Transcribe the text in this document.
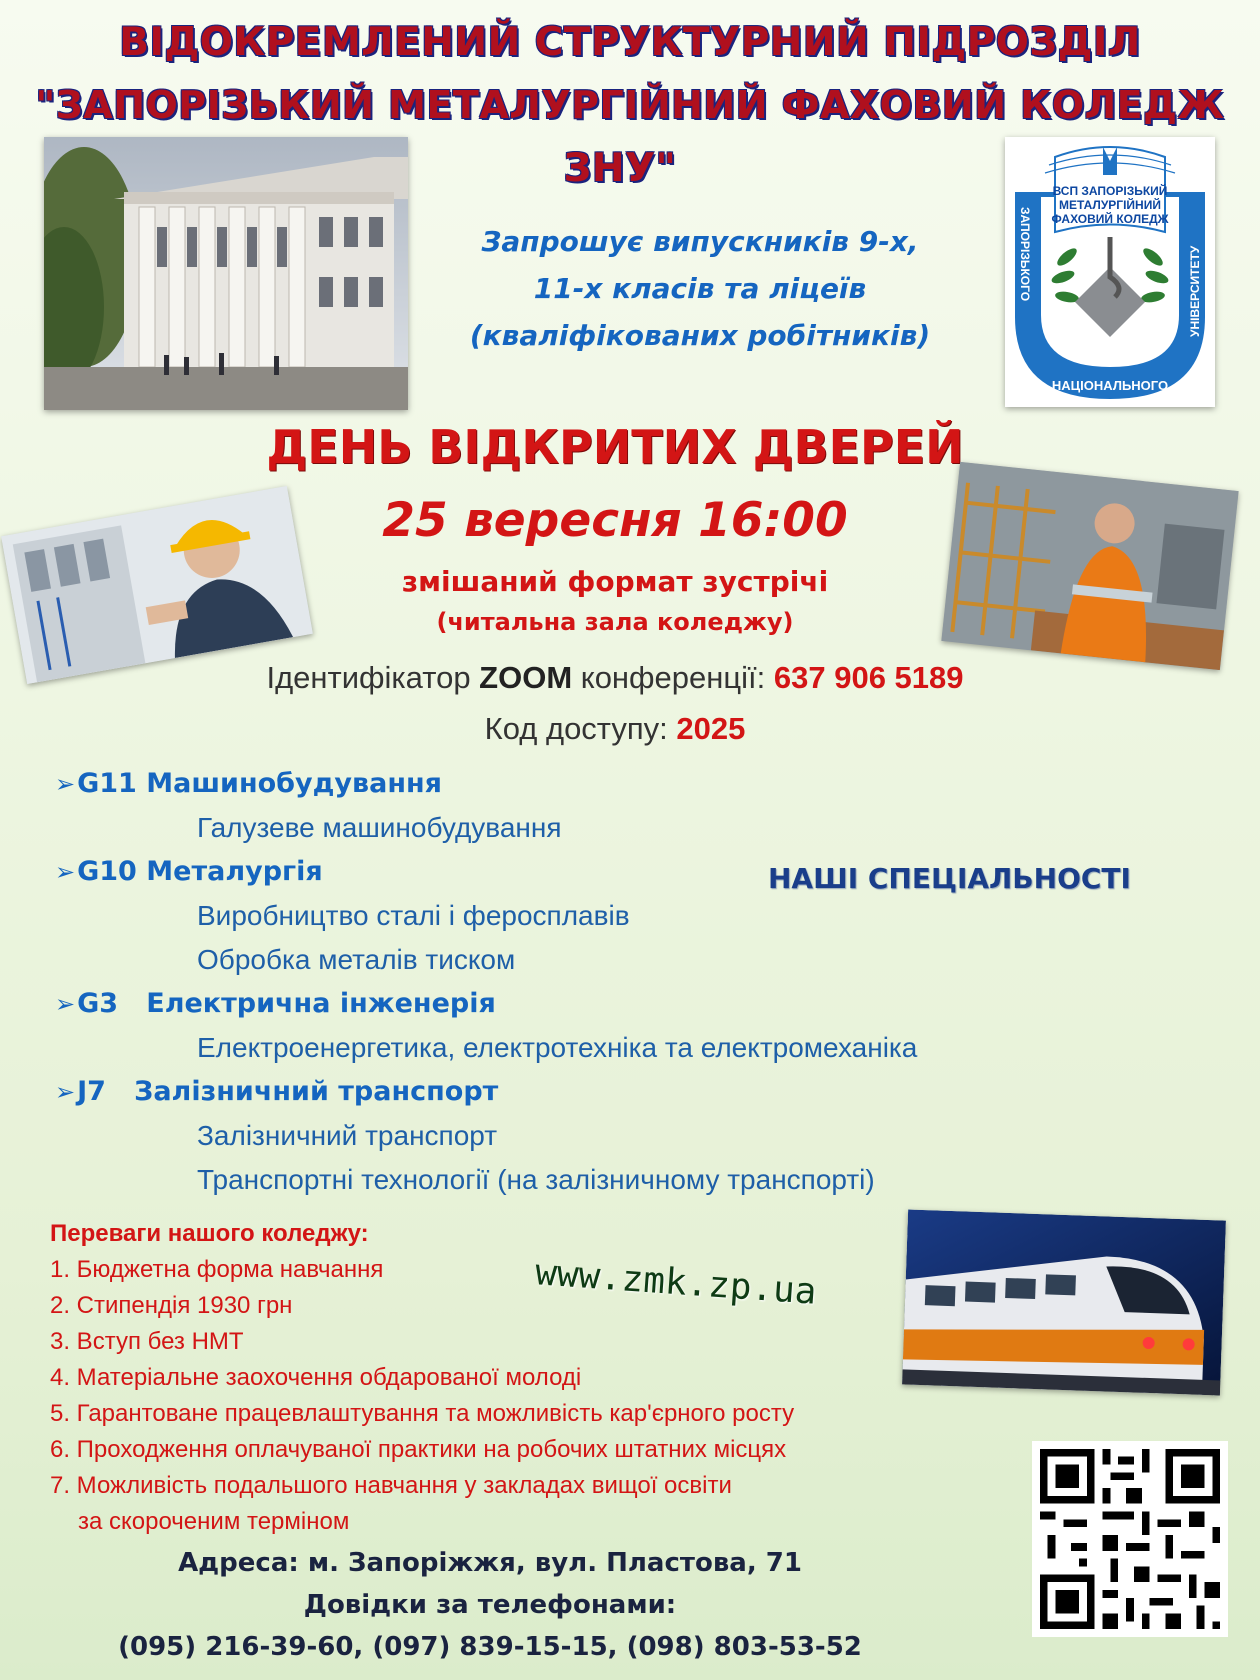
ВІДОКРЕМЛЕНИЙ СТРУКТУРНИЙ ПІДРОЗДІЛ
"ЗАПОРІЗЬКИЙ МЕТАЛУРГІЙНИЙ ФАХОВИЙ КОЛЕДЖ
ЗНУ"
Запрошує випускників 9-х,
11-х класів та ліцеїв
(кваліфікованих робітників)
ВСП ЗАПОРІЗЬКИЙ
МЕТАЛУРГІЙНИЙ
ФАХОВИЙ КОЛЕДЖ
ЗАПОРІЗЬКОГО
НАЦІОНАЛЬНОГО
УНІВЕРСИТЕТУ
ДЕНЬ ВІДКРИТИХ ДВЕРЕЙ
25 вересня 16:00
змішаний формат зустрічі
(читальна зала коледжу)
Ідентифікатор ZOOM конференції: 637 906 5189
Код доступу: 2025
НАШІ СПЕЦІАЛЬНОСТІ
➢G11 Машинобудування
Галузеве машинобудування
➢G10 Металургія
Виробництво сталі і феросплавів
Обробка металів тиском
➢G3 Електрична інженерія
Електроенергетика, електротехніка та електромеханіка
➢J7 Залізничний транспорт
Залізничний транспорт
Транспортні технології (на залізничному транспорті)
Переваги нашого коледжу:
1. Бюджетна форма навчання
2. Стипендія 1930 грн
3. Вступ без НМТ
4. Матеріальне заохочення обдарованої молоді
5. Гарантоване працевлаштування та можливість кар'єрного росту
6. Проходження оплачуваної практики на робочих штатних місцях
7. Можливість подальшого навчання у закладах вищої освіти
за скороченим терміном
www.zmk.zp.ua
Адреса: м. Запоріжжя, вул. Пластова, 71
Довідки за телефонами:
(095) 216-39-60, (097) 839-15-15, (098) 803-53-52
